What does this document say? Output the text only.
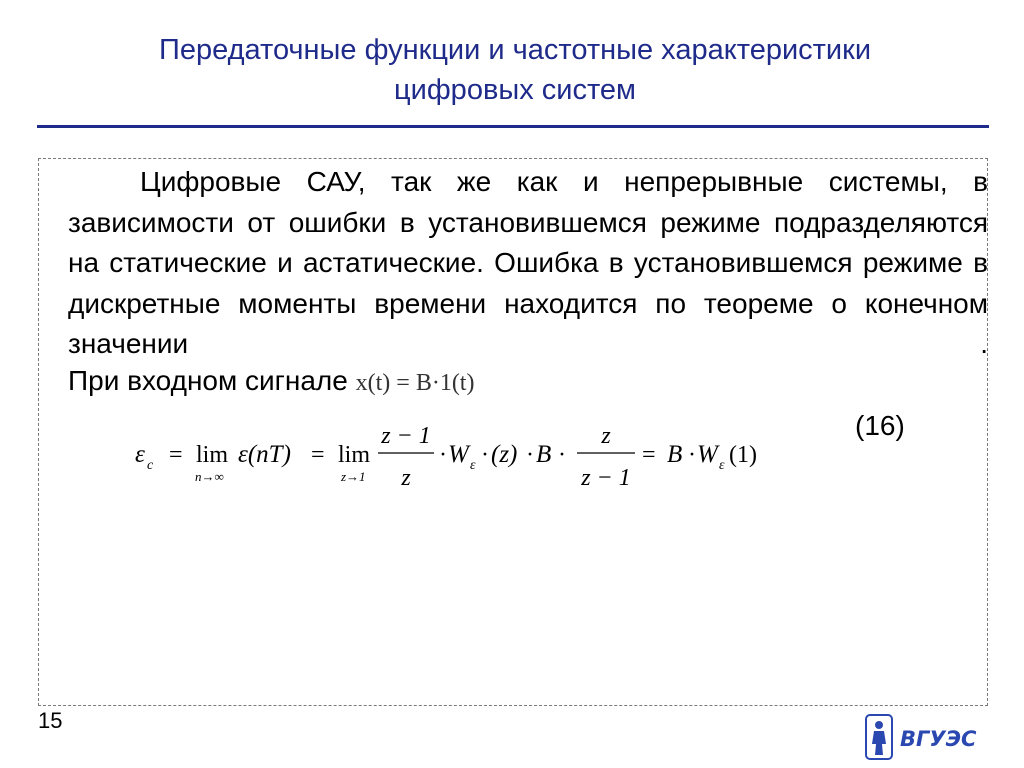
Передаточные функции и частотные характеристики
цифровых систем
Цифровые САУ, так же как и непрерывные системы, в зависимости от ошибки в установившемся режиме подразделяются на статические и астатические. Ошибка в установившемся режиме в дискретные моменты времени находится по теореме о конечном значении .
При входном сигнале x(t) = B·1(t)
(16)
ε c = lim
n→∞
ε(nT) = lim
z→1
z − 1
z
· W ε · (z) · B ·
z
z − 1
= B · W ε (1)
15
ВГУЭС
